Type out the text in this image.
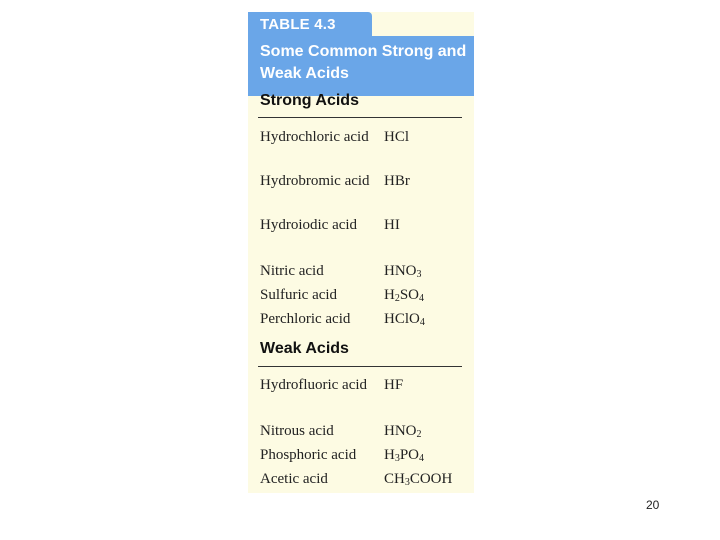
TABLE 4.3
Some Common Strong and Weak Acids
Strong Acids
Hydrochloric acid	HCl
Hydrobromic acid HBr
Hydroiodic acid	HI
Nitric acid	$HNO_3$
Sulfuric acid	$H_2SO_4$
Perchloric acid	HClO$_4$
Weak Acids
Hydrofluoric acid	HF
Nitrous acid	$HNO_2$
Phosphoric acid	$H_3PO_4$
Acetic acid	$CH_3COOH$
20
